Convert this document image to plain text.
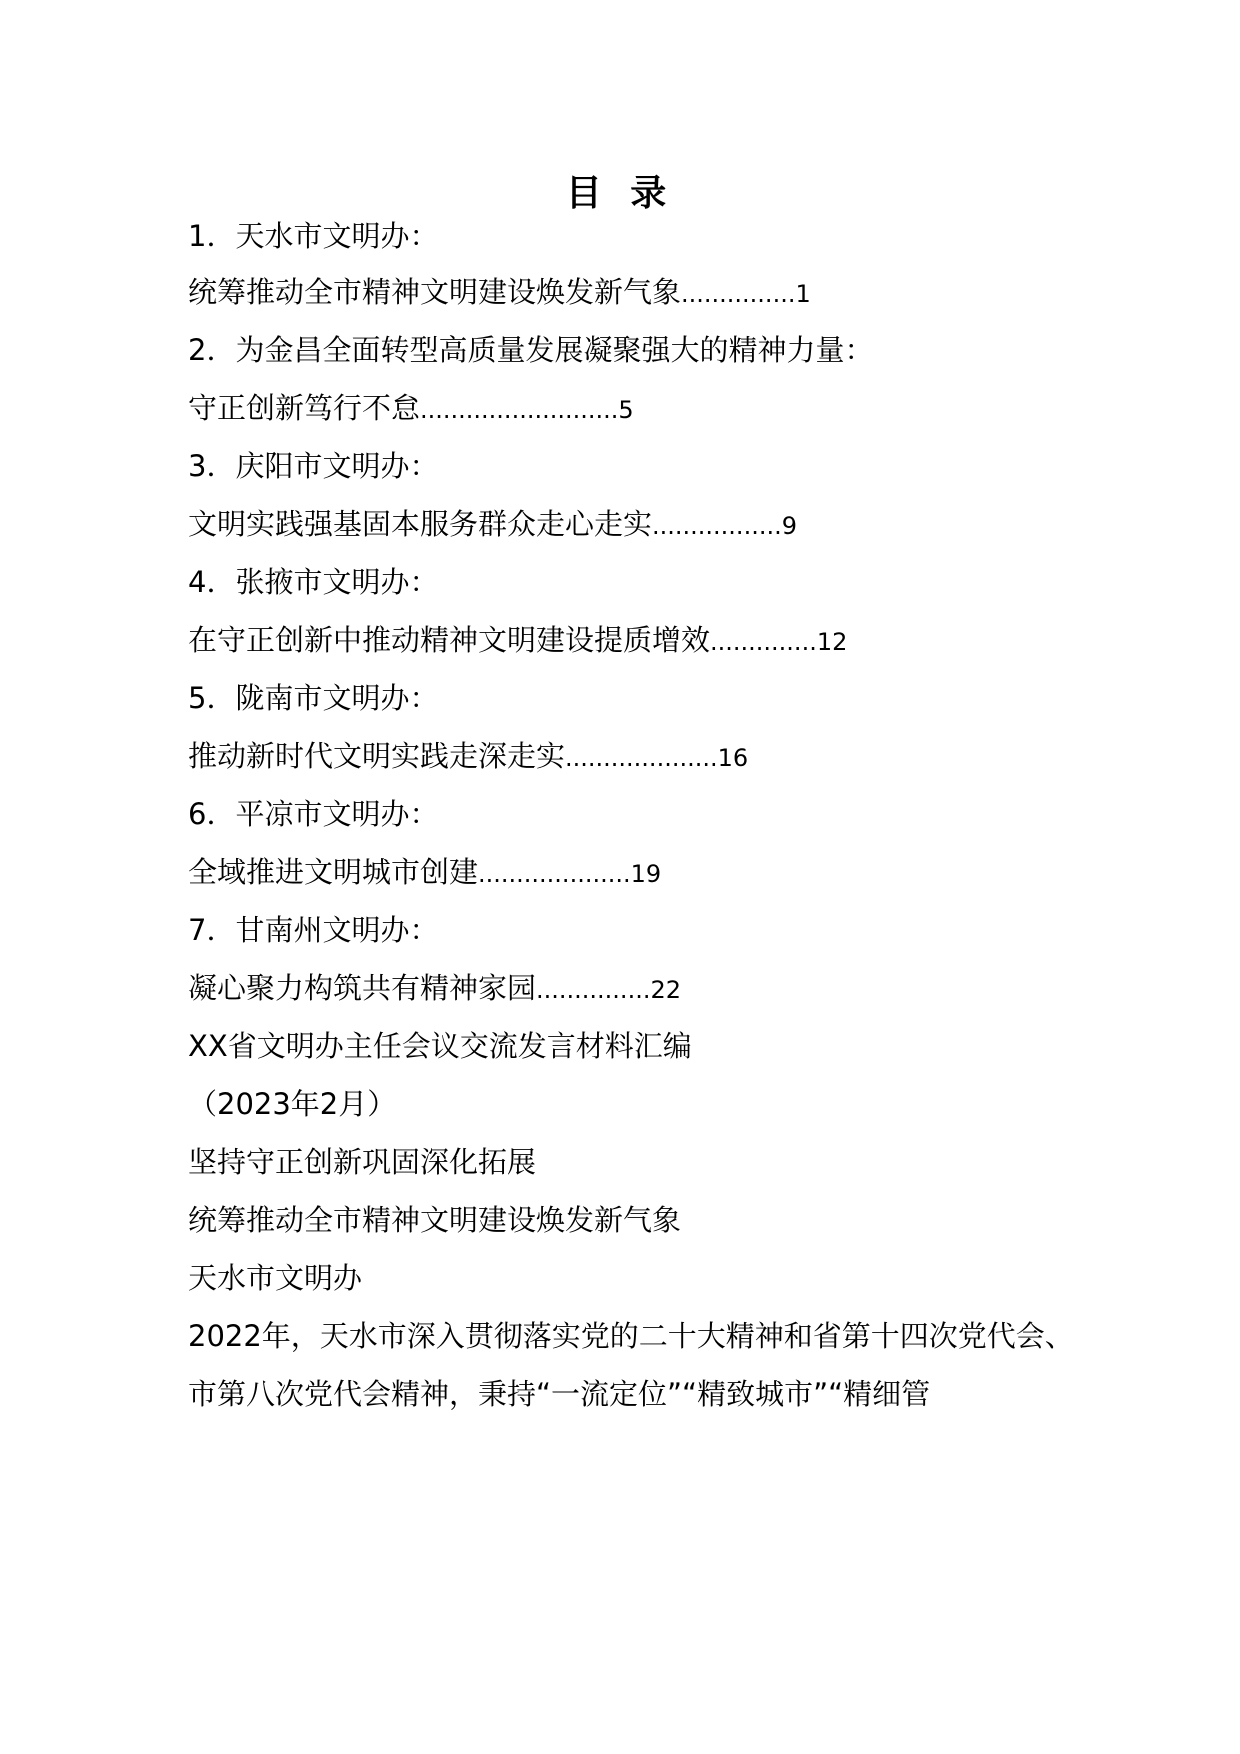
目 录
1．天水市文明办：
统筹推动全市精神文明建设焕发新气象...............1
2．为金昌全面转型高质量发展凝聚强大的精神力量：
守正创新笃行不怠..........................5
3．庆阳市文明办：
文明实践强基固本服务群众走心走实.................9
4．张掖市文明办：
在守正创新中推动精神文明建设提质增效..............12
5．陇南市文明办：
推动新时代文明实践走深走实....................16
6．平凉市文明办：
全域推进文明城市创建....................19
7．甘南州文明办：
凝心聚力构筑共有精神家园...............22
XX省文明办主任会议交流发言材料汇编
（2023年2月）
坚持守正创新巩固深化拓展
统筹推动全市精神文明建设焕发新气象
天水市文明办
2022年，天水市深入贯彻落实党的二十大精神和省第十四次党代会、
市第八次党代会精神，秉持“一流定位”“精致城市”“精细管
